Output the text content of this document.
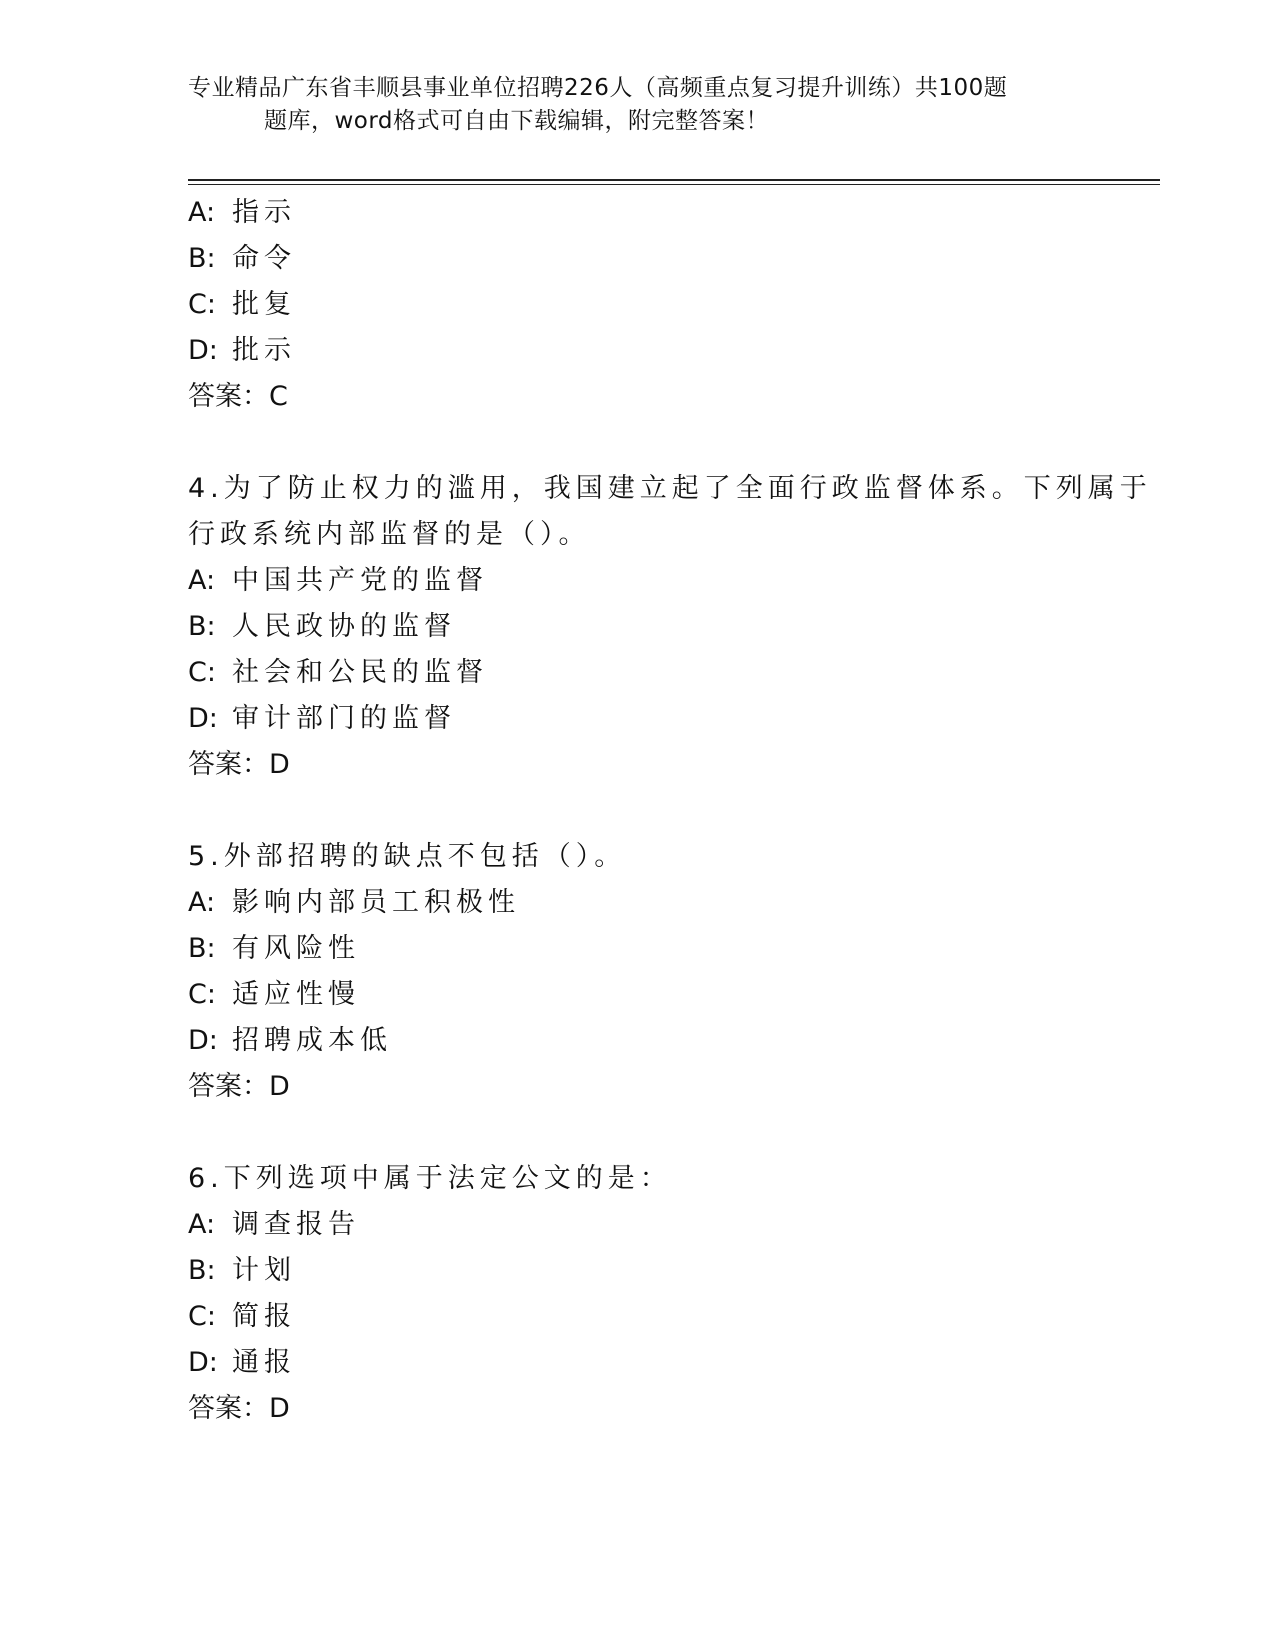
专业精品广东省丰顺县事业单位招聘226人（高频重点复习提升训练）共100题
题库，word格式可自由下载编辑，附完整答案！
A: 指示
B: 命令
C: 批复
D: 批示
答案：C
4.为了防止权力的滥用，我国建立起了全面行政监督体系。下列属于
行政系统内部监督的是（）。
A: 中国共产党的监督
B: 人民政协的监督
C: 社会和公民的监督
D: 审计部门的监督
答案：D
5.外部招聘的缺点不包括（）。
A: 影响内部员工积极性
B: 有风险性
C: 适应性慢
D: 招聘成本低
答案：D
6.下列选项中属于法定公文的是：
A: 调查报告
B: 计划
C: 简报
D: 通报
答案：D
